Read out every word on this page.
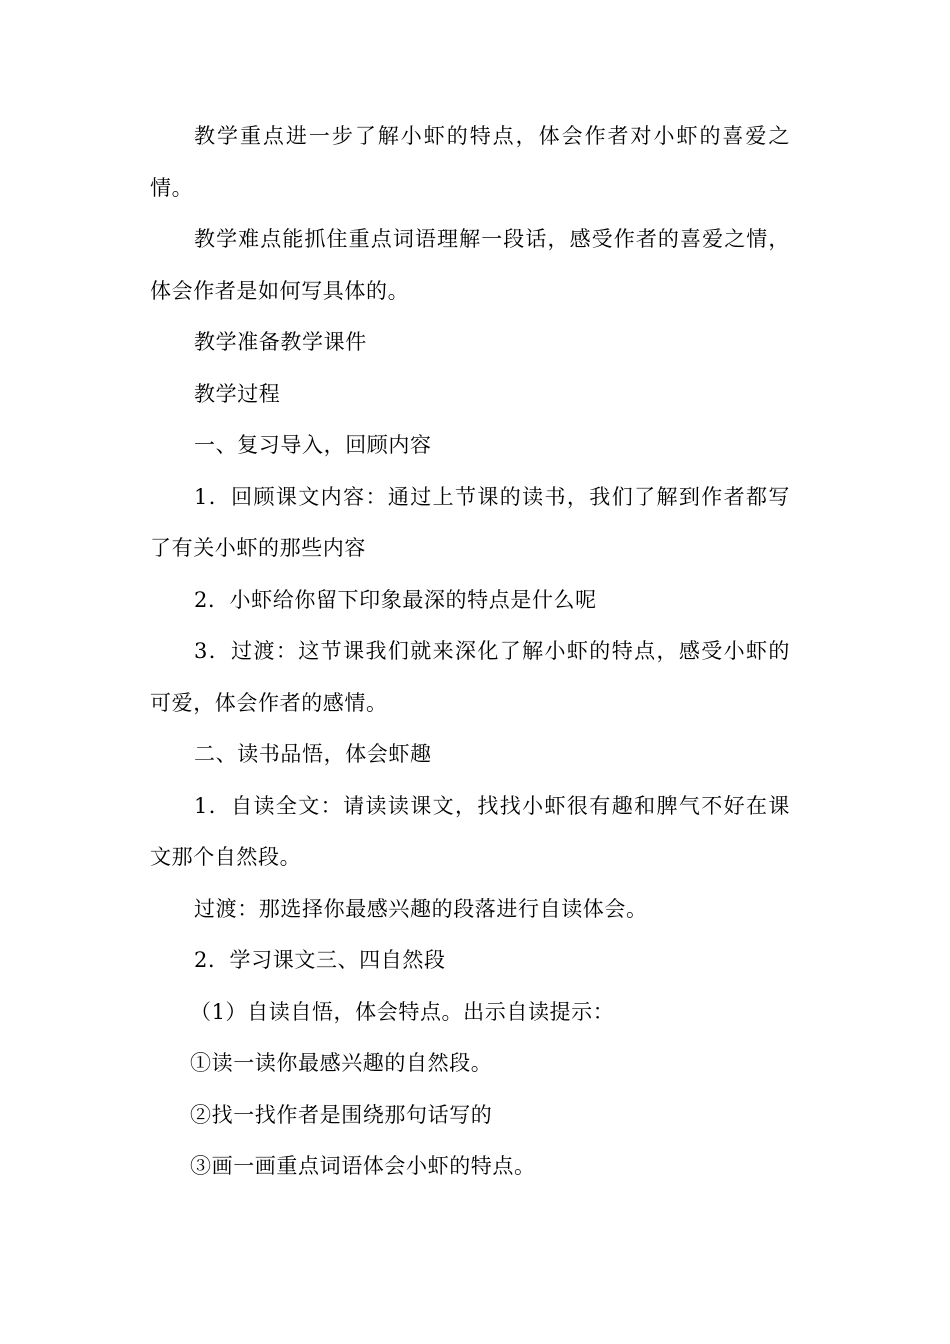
教学重点进一步了解小虾的特点，体会作者对小虾的喜爱之情。

教学难点能抓住重点词语理解一段话，感受作者的喜爱之情，体会作者是如何写具体的。

教学准备教学课件

教学过程

一、复习导入，回顾内容

1．回顾课文内容：通过上节课的读书，我们了解到作者都写了有关小虾的那些内容

2．小虾给你留下印象最深的特点是什么呢

3．过渡：这节课我们就来深化了解小虾的特点，感受小虾的可爱，体会作者的感情。

二、读书品悟，体会虾趣

1．自读全文：请读读课文，找找小虾很有趣和脾气不好在课文那个自然段。

过渡：那选择你最感兴趣的段落进行自读体会。

2．学习课文三、四自然段

（1）自读自悟，体会特点。出示自读提示：

①读一读你最感兴趣的自然段。

②找一找作者是围绕那句话写的

③画一画重点词语体会小虾的特点。
